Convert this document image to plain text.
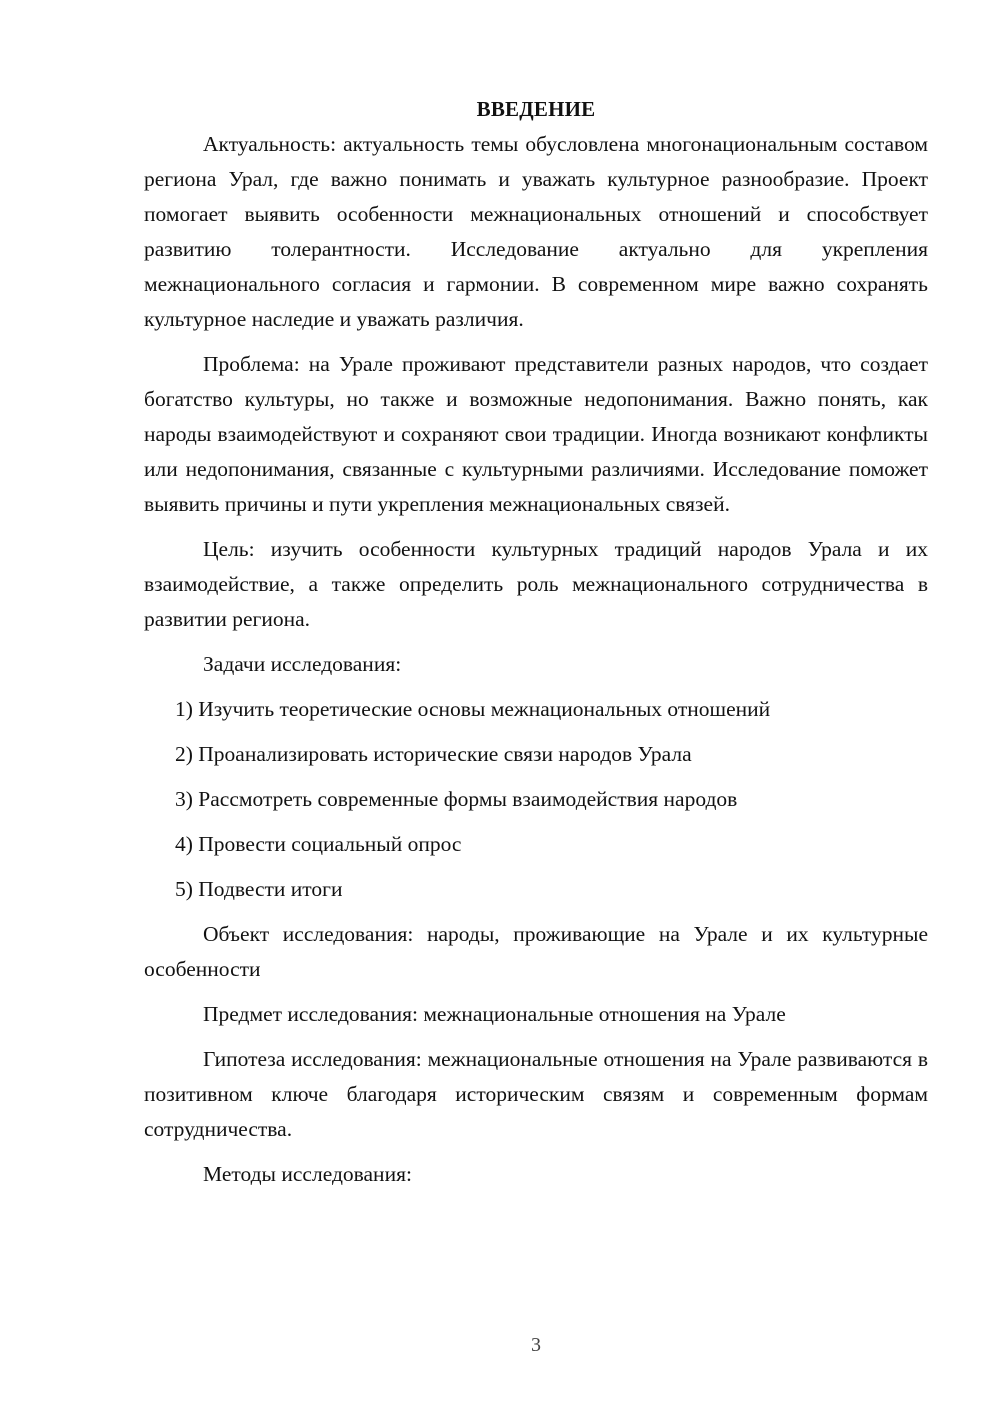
ВВЕДЕНИЕ

Актуальность: актуальность темы обусловлена многонациональным составом региона Урал, где важно понимать и уважать культурное разнообразие. Проект помогает выявить особенности межнациональных отношений и способствует развитию толерантности. Исследование актуально для укрепления межнационального согласия и гармонии. В современном мире важно сохранять культурное наследие и уважать различия.

Проблема: на Урале проживают представители разных народов, что создает богатство культуры, но также и возможные недопонимания. Важно понять, как народы взаимодействуют и сохраняют свои традиции. Иногда возникают конфликты или недопонимания, связанные с культурными различиями. Исследование поможет выявить причины и пути укрепления межнациональных связей.

Цель: изучить особенности культурных традиций народов Урала и их взаимодействие, а также определить роль межнационального сотрудничества в развитии региона.

Задачи исследования:

1) Изучить теоретические основы межнациональных отношений
2) Проанализировать исторические связи народов Урала
3) Рассмотреть современные формы взаимодействия народов
4) Провести социальный опрос
5) Подвести итоги

Объект исследования: народы, проживающие на Урале и их культурные особенности

Предмет исследования: межнациональные отношения на Урале

Гипотеза исследования: межнациональные отношения на Урале развиваются в позитивном ключе благодаря историческим связям и современным формам сотрудничества.

Методы исследования:

3
